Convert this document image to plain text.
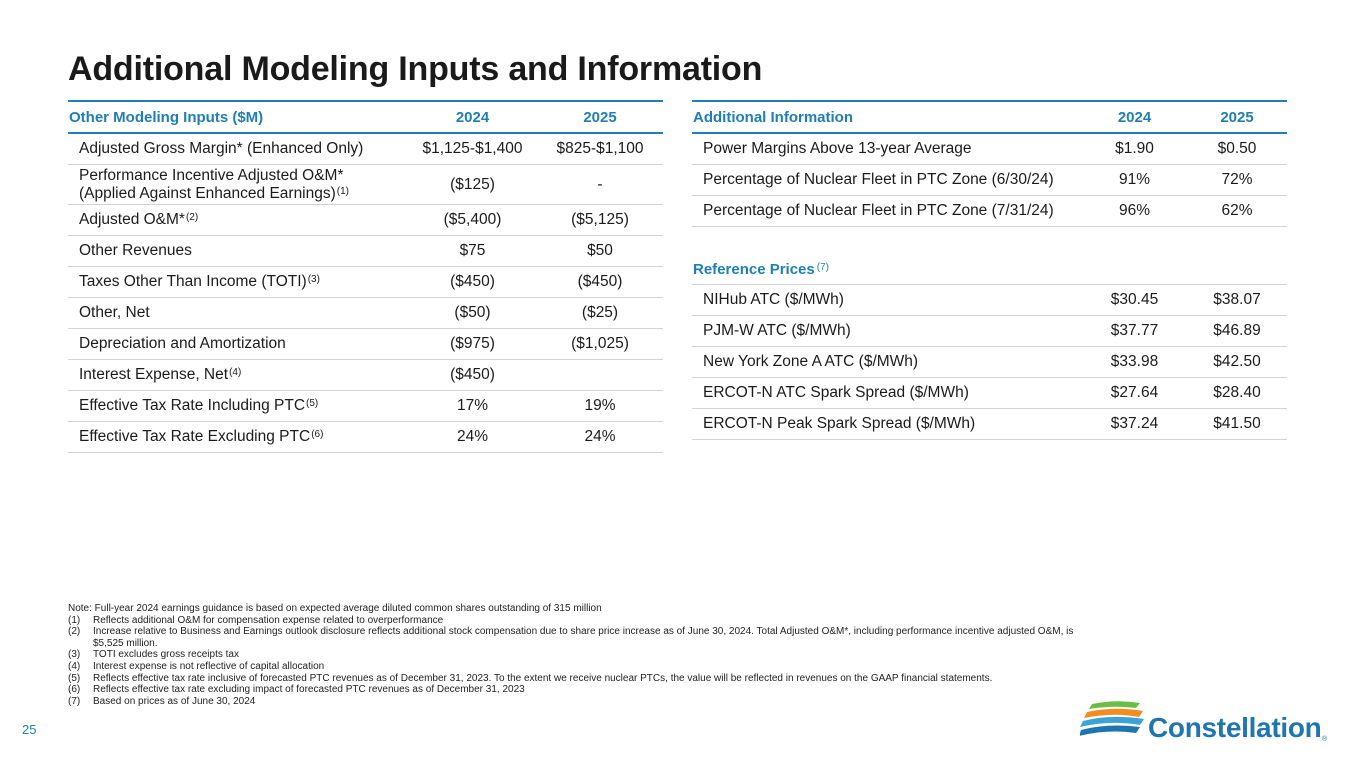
Additional Modeling Inputs and Information
Other Modeling Inputs ($M)	2024	2025
Adjusted Gross Margin* (Enhanced Only)	$1,125-$1,400	$825-$1,100
Performance Incentive Adjusted O&M*
(Applied Against Enhanced Earnings)$^{(1)}$	($125)	-
Adjusted O&M*$^{(2)}$	($5,400)	($5,125)
Other Revenues	$75	$50
Taxes Other Than Income (TOTI)$^{(3)}$	($450)	($450)
Other, Net	($50)	($25)
Depreciation and Amortization	($975)	($1,025)
Interest Expense, Net$^{(4)}$	($450)	
Effective Tax Rate Including PTC$^{(5)}$	17%	19%
Effective Tax Rate Excluding PTC$^{(6)}$	24%	24%
Additional Information	2024	2025
Power Margins Above 13-year Average	$1.90	$0.50
Percentage of Nuclear Fleet in PTC Zone (6/30/24)	91%	72%
Percentage of Nuclear Fleet in PTC Zone (7/31/24)	96%	62%
Reference Prices $^{(7)}$
NIHub ATC ($/MWh)	$30.45	$38.07
PJM-W ATC ($/MWh)	$37.77	$46.89
New York Zone A ATC ($/MWh)	$33.98	$42.50
ERCOT-N ATC Spark Spread ($/MWh)	$27.64	$28.40
ERCOT-N Peak Spark Spread ($/MWh)	$37.24	$41.50
Note: Full-year 2024 earnings guidance is based on expected average diluted common shares outstanding of 315 million
(1)	Reflects additional O&M for compensation expense related to overperformance
(2)	Increase relative to Business and Earnings outlook disclosure reflects additional stock compensation due to share price increase as of June 30, 2024. Total Adjusted O&M*, including performance incentive adjusted O&M, is $5,525 million.
(3)	TOTI excludes gross receipts tax
(4)	Interest expense is not reflective of capital allocation
(5)	Reflects effective tax rate inclusive of forecasted PTC revenues as of December 31, 2023. To the extent we receive nuclear PTCs, the value will be reflected in revenues on the GAAP financial statements.
(6)	Reflects effective tax rate excluding impact of forecasted PTC revenues as of December 31, 2023
(7)	Based on prices as of June 30, 2024
25	Constellation ®
